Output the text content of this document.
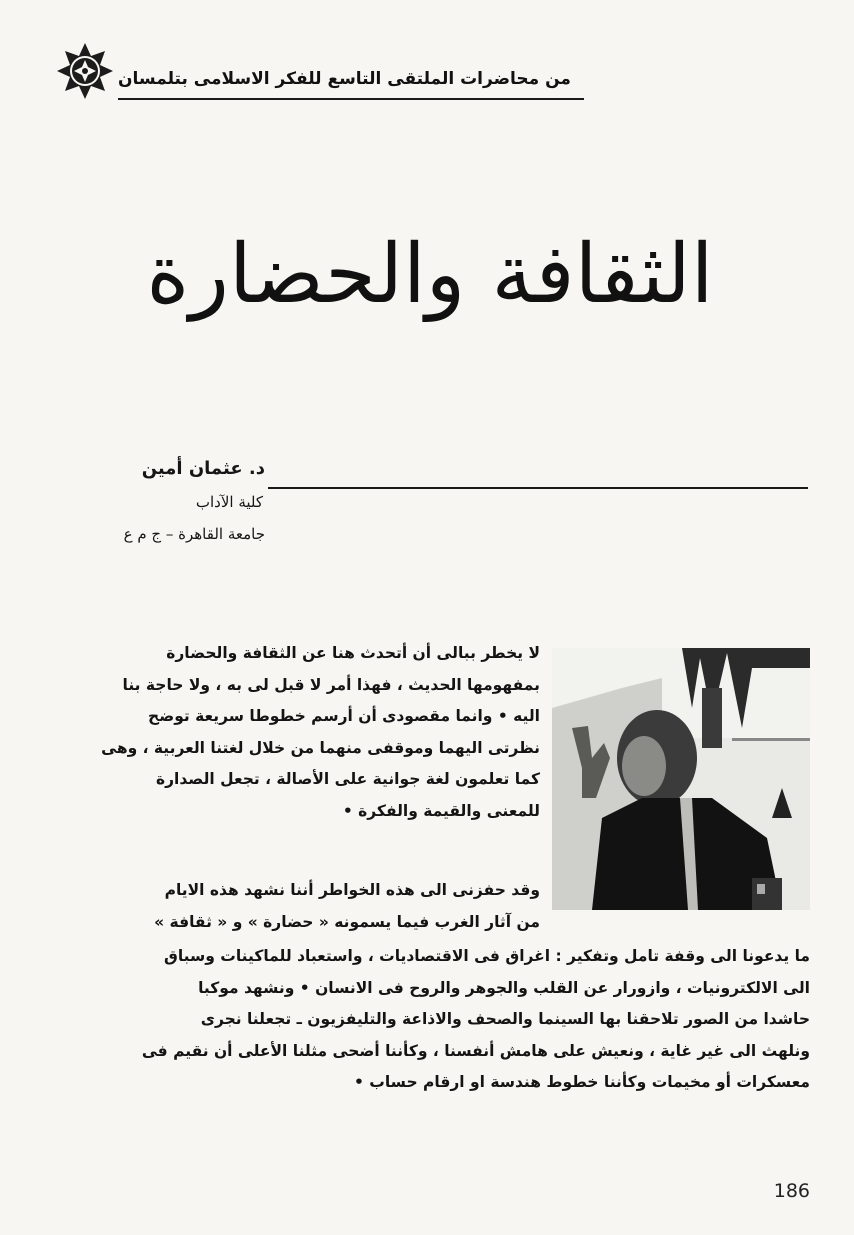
من محاضرات الملتقى التاسع للفكر الاسلامى بتلمسان
الثقافة والحضارة
د. عثمان أمين
كلية الآداب
جامعة القاهرة – ج م ع
لا يخطر ببالى أن أتحدث هنا عن الثقافة والحضارة
بمفهومها الحديث ، فهذا أمر لا قبل لى به ، ولا حاجة بنا
اليه • وانما مقصودى أن أرسم خطوطا سريعة توضح
نظرتى اليهما وموقفى منهما من خلال لغتنا العربية ، وهى
كما تعلمون لغة جوانية على الأصالة ، تجعل الصدارة
للمعنى والقيمة والفكرة •
وقد حفزنى الى هذه الخواطر أننا نشهد هذه الايام
من آثار الغرب فيما يسمونه « حضارة » و « ثقافة »
ما يدعونا الى وقفة تامل وتفكير : اغراق فى الاقتصاديات ، واستعباد للماكينات وسباق
الى الالكترونيات ، وازورار عن القلب والجوهر والروح فى الانسان • ونشهد موكبا
حاشدا من الصور تلاحقنا بها السينما والصحف والاذاعة والتليفزيون ـ تجعلنا نجرى
ونلهث الى غير غاية ، ونعيش على هامش أنفسنا ، وكأننا أضحى مثلنا الأعلى أن نقيم فى
معسكرات أو مخيمات وكأننا خطوط هندسة او ارقام حساب •
186
